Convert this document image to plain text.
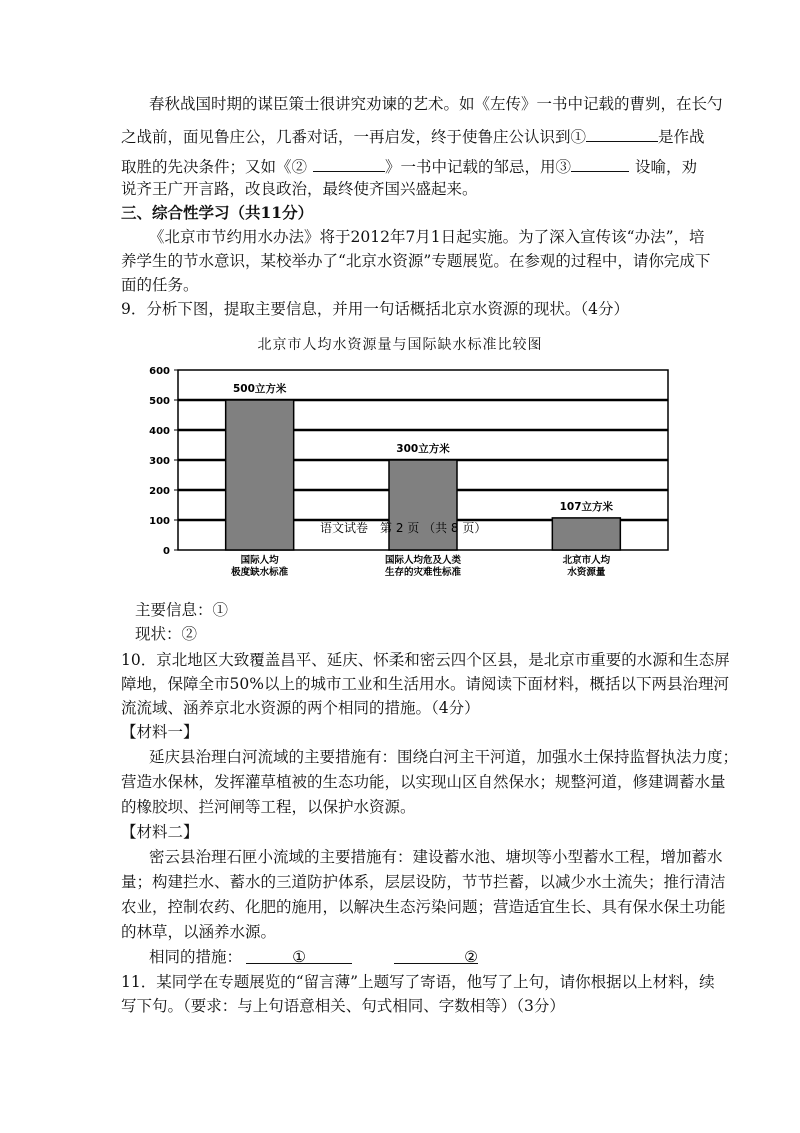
春秋战国时期的谋臣策士很讲究劝谏的艺术。如《左传》一书中记载的曹刿，在长勺
之战前，面见鲁庄公，几番对话，一再启发，终于使鲁庄公认识到①	是作战
取胜的先决条件；又如《②	》一书中记载的邹忌，用③	设喻，劝
说齐王广开言路，改良政治，最终使齐国兴盛起来。
三、综合性学习（共11分）
《北京市节约用水办法》将于2012年7月1日起实施。为了深入宣传该“办法”，培
养学生的节水意识，某校举办了“北京水资源”专题展览。在参观的过程中，请你完成下
面的任务。
9．分析下图，提取主要信息，并用一句话概括北京水资源的现状。（4分）
北京市人均水资源量与国际缺水标准比较图
0
100
200
300
400
500
600
500立方米
国际人均
极度缺水标准
300立方米
国际人均危及人类
生存的灾难性标准
107立方米
北京市人均
水资源量
语文试卷　第 2 页 （共 8 页）
主要信息：①
现状：②
10．京北地区大致覆盖昌平、延庆、怀柔和密云四个区县，是北京市重要的水源和生态屏
障地，保障全市50%以上的城市工业和生活用水。请阅读下面材料，概括以下两县治理河
流流域、涵养京北水资源的两个相同的措施。（4分）
【材料一】
延庆县治理白河流域的主要措施有：围绕白河主干河道，加强水土保持监督执法力度；
营造水保林，发挥灌草植被的生态功能，以实现山区自然保水；规整河道，修建调蓄水量
的橡胶坝、拦河闸等工程，以保护水资源。
【材料二】
密云县治理石匣小流域的主要措施有：建设蓄水池、塘坝等小型蓄水工程，增加蓄水
量；构建拦水、蓄水的三道防护体系，层层设防，节节拦蓄，以减少水土流失；推行清洁
农业，控制农药、化肥的施用，以解决生态污染问题；营造适宜生长、具有保水保土功能
的林草，以涵养水源。
相同的措施：	①	②
11．某同学在专题展览的“留言薄”上题写了寄语，他写了上句，请你根据以上材料，续
写下句。（要求：与上句语意相关、句式相同、字数相等）（3分）
